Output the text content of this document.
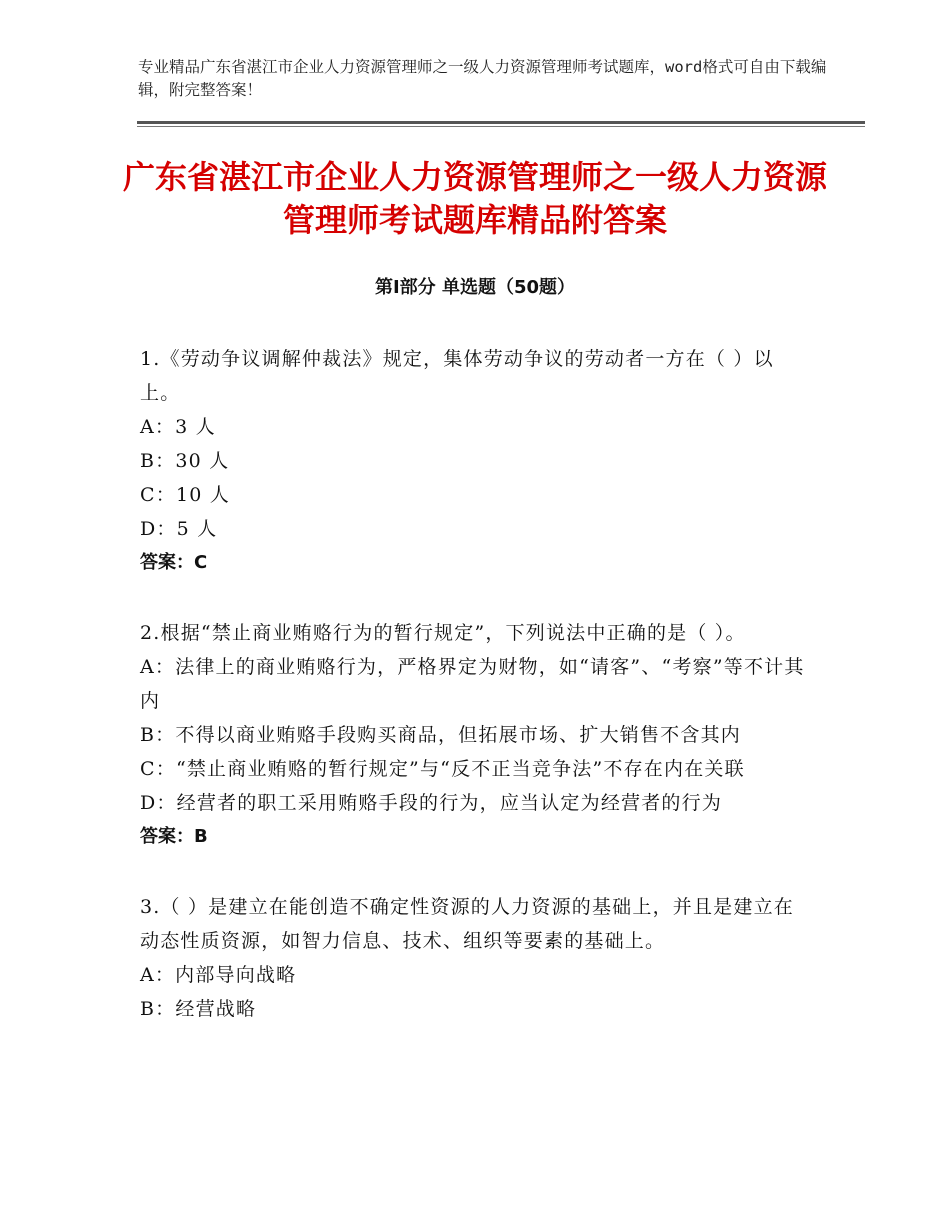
专业精品广东省湛江市企业人力资源管理师之一级人力资源管理师考试题库，word格式可自由下载编辑，附完整答案！
广东省湛江市企业人力资源管理师之一级人力资源管理师考试题库精品附答案
第Ⅰ部分 单选题（50题）

1.《劳动争议调解仲裁法》规定，集体劳动争议的劳动者一方在（ ）以上。

A：3 人

B：30 人

C：10 人

D：5 人

答案：C

2.根据“禁止商业贿赂行为的暂行规定”，下列说法中正确的是（ ）。

A：法律上的商业贿赂行为，严格界定为财物，如“请客”、“考察”等不计其内

B：不得以商业贿赂手段购买商品，但拓展市场、扩大销售不含其内

C：“禁止商业贿赂的暂行规定”与“反不正当竞争法”不存在内在关联

D：经营者的职工采用贿赂手段的行为，应当认定为经营者的行为

答案：B

3.（ ）是建立在能创造不确定性资源的人力资源的基础上，并且是建立在动态性质资源，如智力信息、技术、组织等要素的基础上。

A：内部导向战略

B：经营战略
